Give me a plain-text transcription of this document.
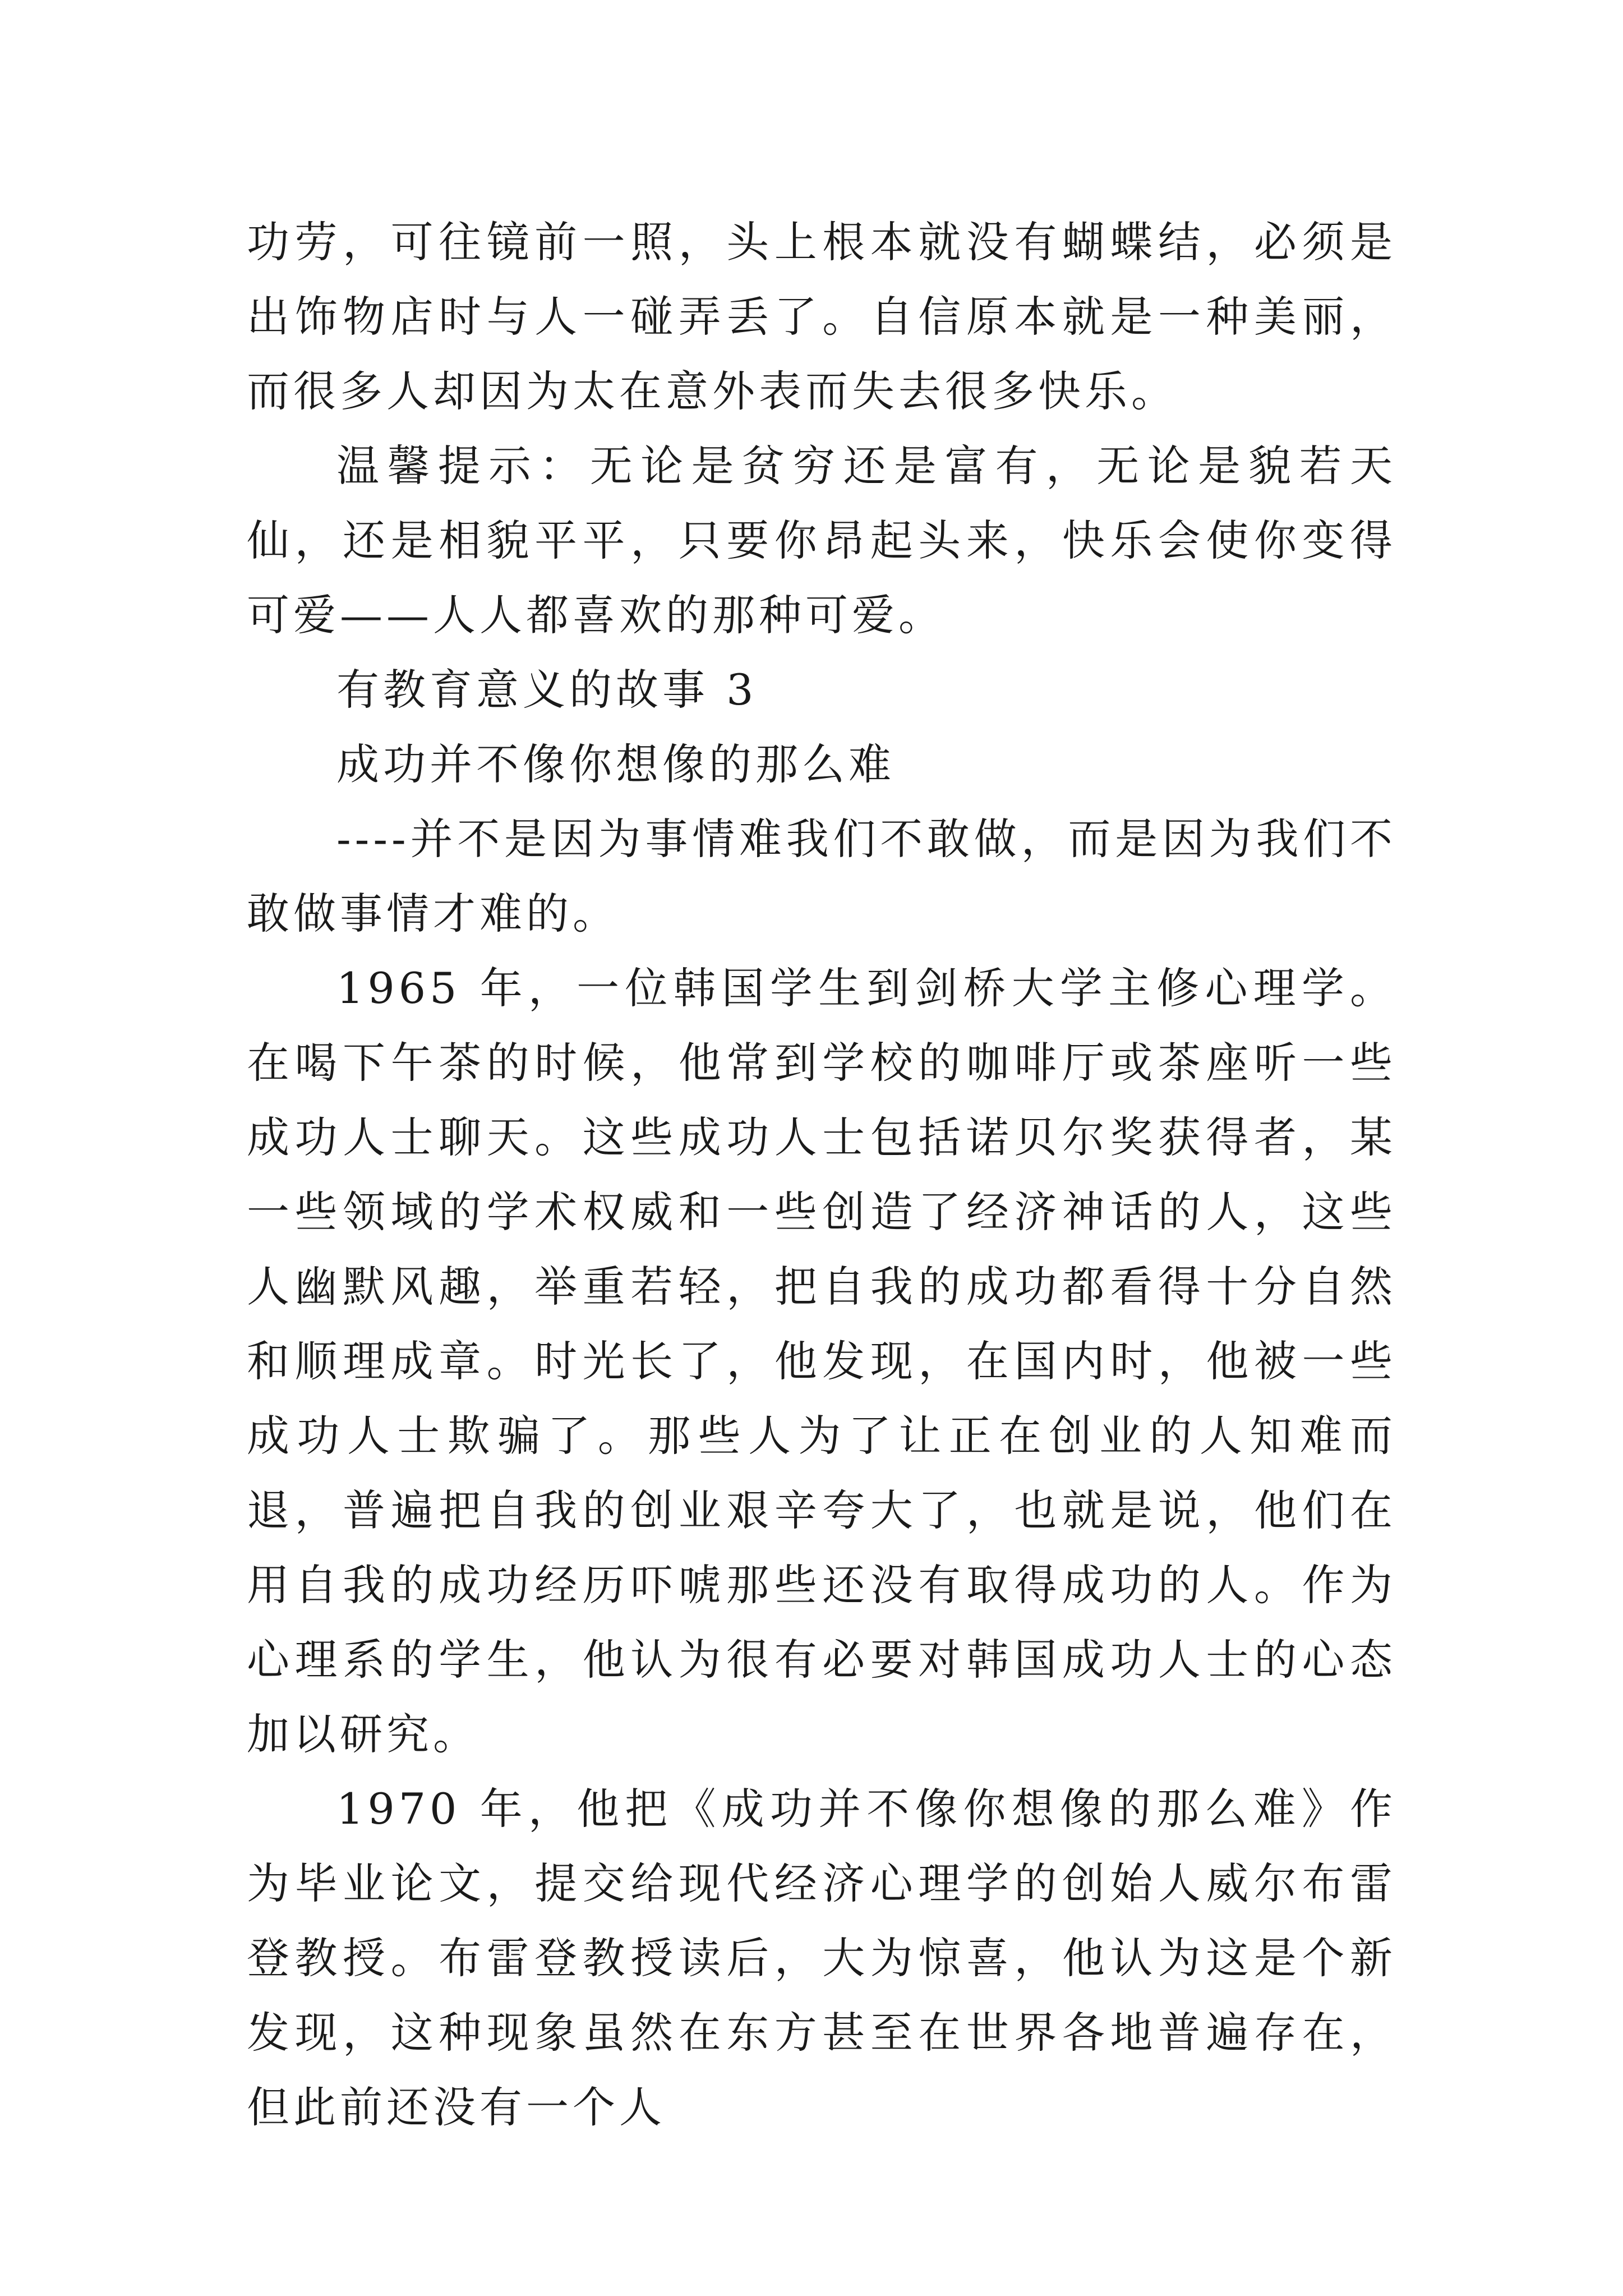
功劳，可往镜前一照，头上根本就没有蝴蝶结，必须是出饰物店时与人一碰弄丢了。自信原本就是一种美丽，而很多人却因为太在意外表而失去很多快乐。

温馨提示：无论是贫穷还是富有，无论是貌若天仙，还是相貌平平，只要你昂起头来，快乐会使你变得可爱——人人都喜欢的那种可爱。

有教育意义的故事 3

成功并不像你想像的那么难

----并不是因为事情难我们不敢做，而是因为我们不敢做事情才难的。

1965 年，一位韩国学生到剑桥大学主修心理学。在喝下午茶的时候，他常到学校的咖啡厅或茶座听一些成功人士聊天。这些成功人士包括诺贝尔奖获得者，某一些领域的学术权威和一些创造了经济神话的人，这些人幽默风趣，举重若轻，把自我的成功都看得十分自然和顺理成章。时光长了，他发现，在国内时，他被一些成功人士欺骗了。那些人为了让正在创业的人知难而退，普遍把自我的创业艰辛夸大了，也就是说，他们在用自我的成功经历吓唬那些还没有取得成功的人。作为心理系的学生，他认为很有必要对韩国成功人士的心态加以研究。

1970 年，他把《成功并不像你想像的那么难》作为毕业论文，提交给现代经济心理学的创始人威尔布雷登教授。布雷登教授读后，大为惊喜，他认为这是个新发现，这种现象虽然在东方甚至在世界各地普遍存在，但此前还没有一个人
